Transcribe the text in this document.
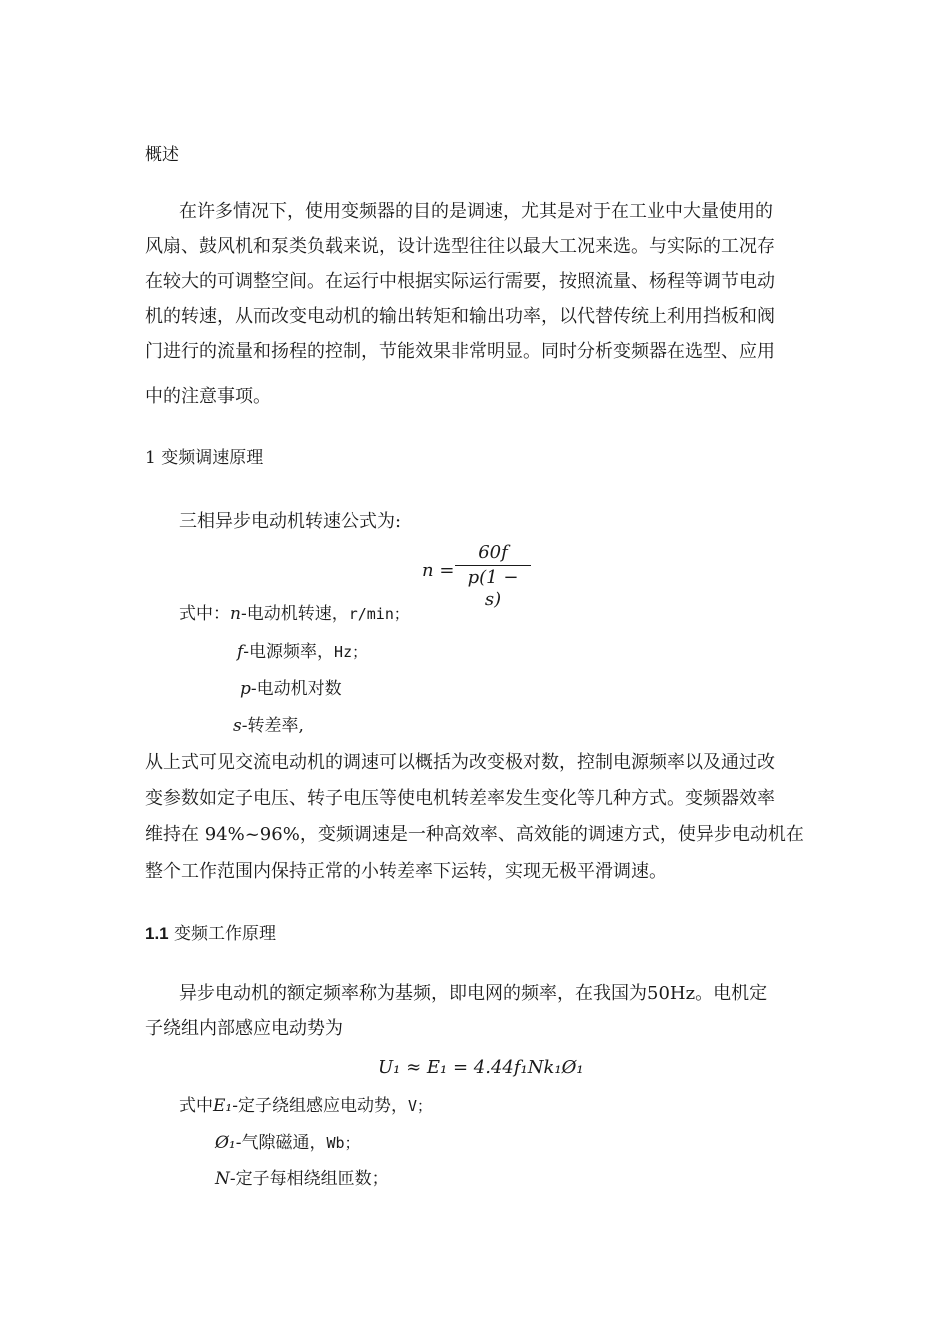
概述
在许多情况下，使用变频器的目的是调速，尤其是对于在工业中大量使用的
风扇、鼓风机和泵类负载来说，设计选型往往以最大工况来选。与实际的工况存
在较大的可调整空间。在运行中根据实际运行需要，按照流量、杨程等调节电动
机的转速，从而改变电动机的输出转矩和输出功率，以代替传统上利用挡板和阀
门进行的流量和扬程的控制，节能效果非常明显。同时分析变频器在选型、应用
中的注意事项。
1 变频调速原理
三相异步电动机转速公式为:
n =
60f
p(1 − s)
式中：n-电动机转速，r/min；
f-电源频率，Hz；
p-电动机对数
s-转差率,
从上式可见交流电动机的调速可以概括为改变极对数，控制电源频率以及通过改
变参数如定子电压、转子电压等使电机转差率发生变化等几种方式。变频器效率
维持在 94%~96%，变频调速是一种高效率、高效能的调速方式，使异步电动机在
整个工作范围内保持正常的小转差率下运转，实现无极平滑调速。
1.1 变频工作原理
异步电动机的额定频率称为基频，即电网的频率，在我国为50Hz。电机定
子绕组内部感应电动势为
U₁ ≈ E₁ = 4.44f₁Nk₁Ø₁
式中E₁-定子绕组感应电动势，V；
Ø₁-气隙磁通，Wb；
N-定子每相绕组匝数；
